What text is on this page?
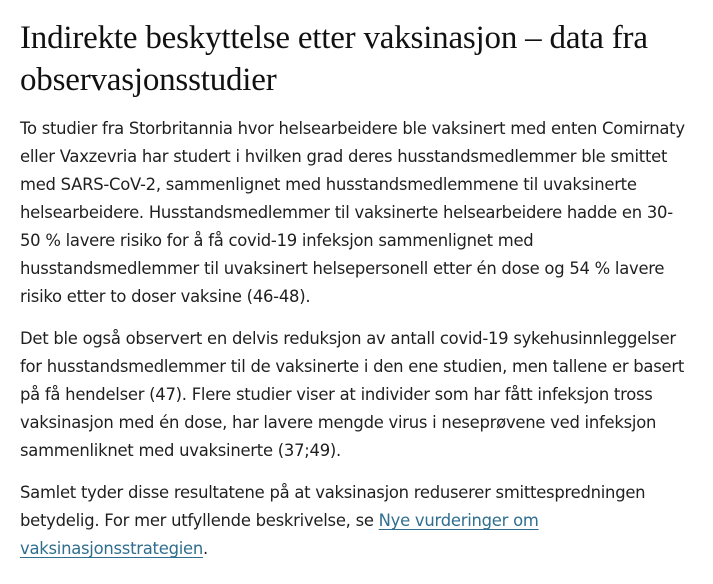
Indirekte beskyttelse etter vaksinasjon – data fra observasjonsstudier

To studier fra Storbritannia hvor helsearbeidere ble vaksinert med enten Comirnaty eller Vaxzevria har studert i hvilken grad deres husstandsmedlemmer ble smittet med SARS-CoV-2, sammenlignet med husstandsmedlemmene til uvaksinerte helsearbeidere. Husstandsmedlemmer til vaksinerte helsearbeidere hadde en 30-50 % lavere risiko for å få covid-19 infeksjon sammenlignet med husstandsmedlemmer til uvaksinert helsepersonell etter én dose og 54 % lavere risiko etter to doser vaksine (46-48).

Det ble også observert en delvis reduksjon av antall covid-19 sykehusinnleggelser for husstandsmedlemmer til de vaksinerte i den ene studien, men tallene er basert på få hendelser (47). Flere studier viser at individer som har fått infeksjon tross vaksinasjon med én dose, har lavere mengde virus i neseprøvene ved infeksjon sammenliknet med uvaksinerte (37;49).

Samlet tyder disse resultatene på at vaksinasjon reduserer smittespredningen betydelig. For mer utfyllende beskrivelse, se Nye vurderinger om vaksinasjonsstrategien.
